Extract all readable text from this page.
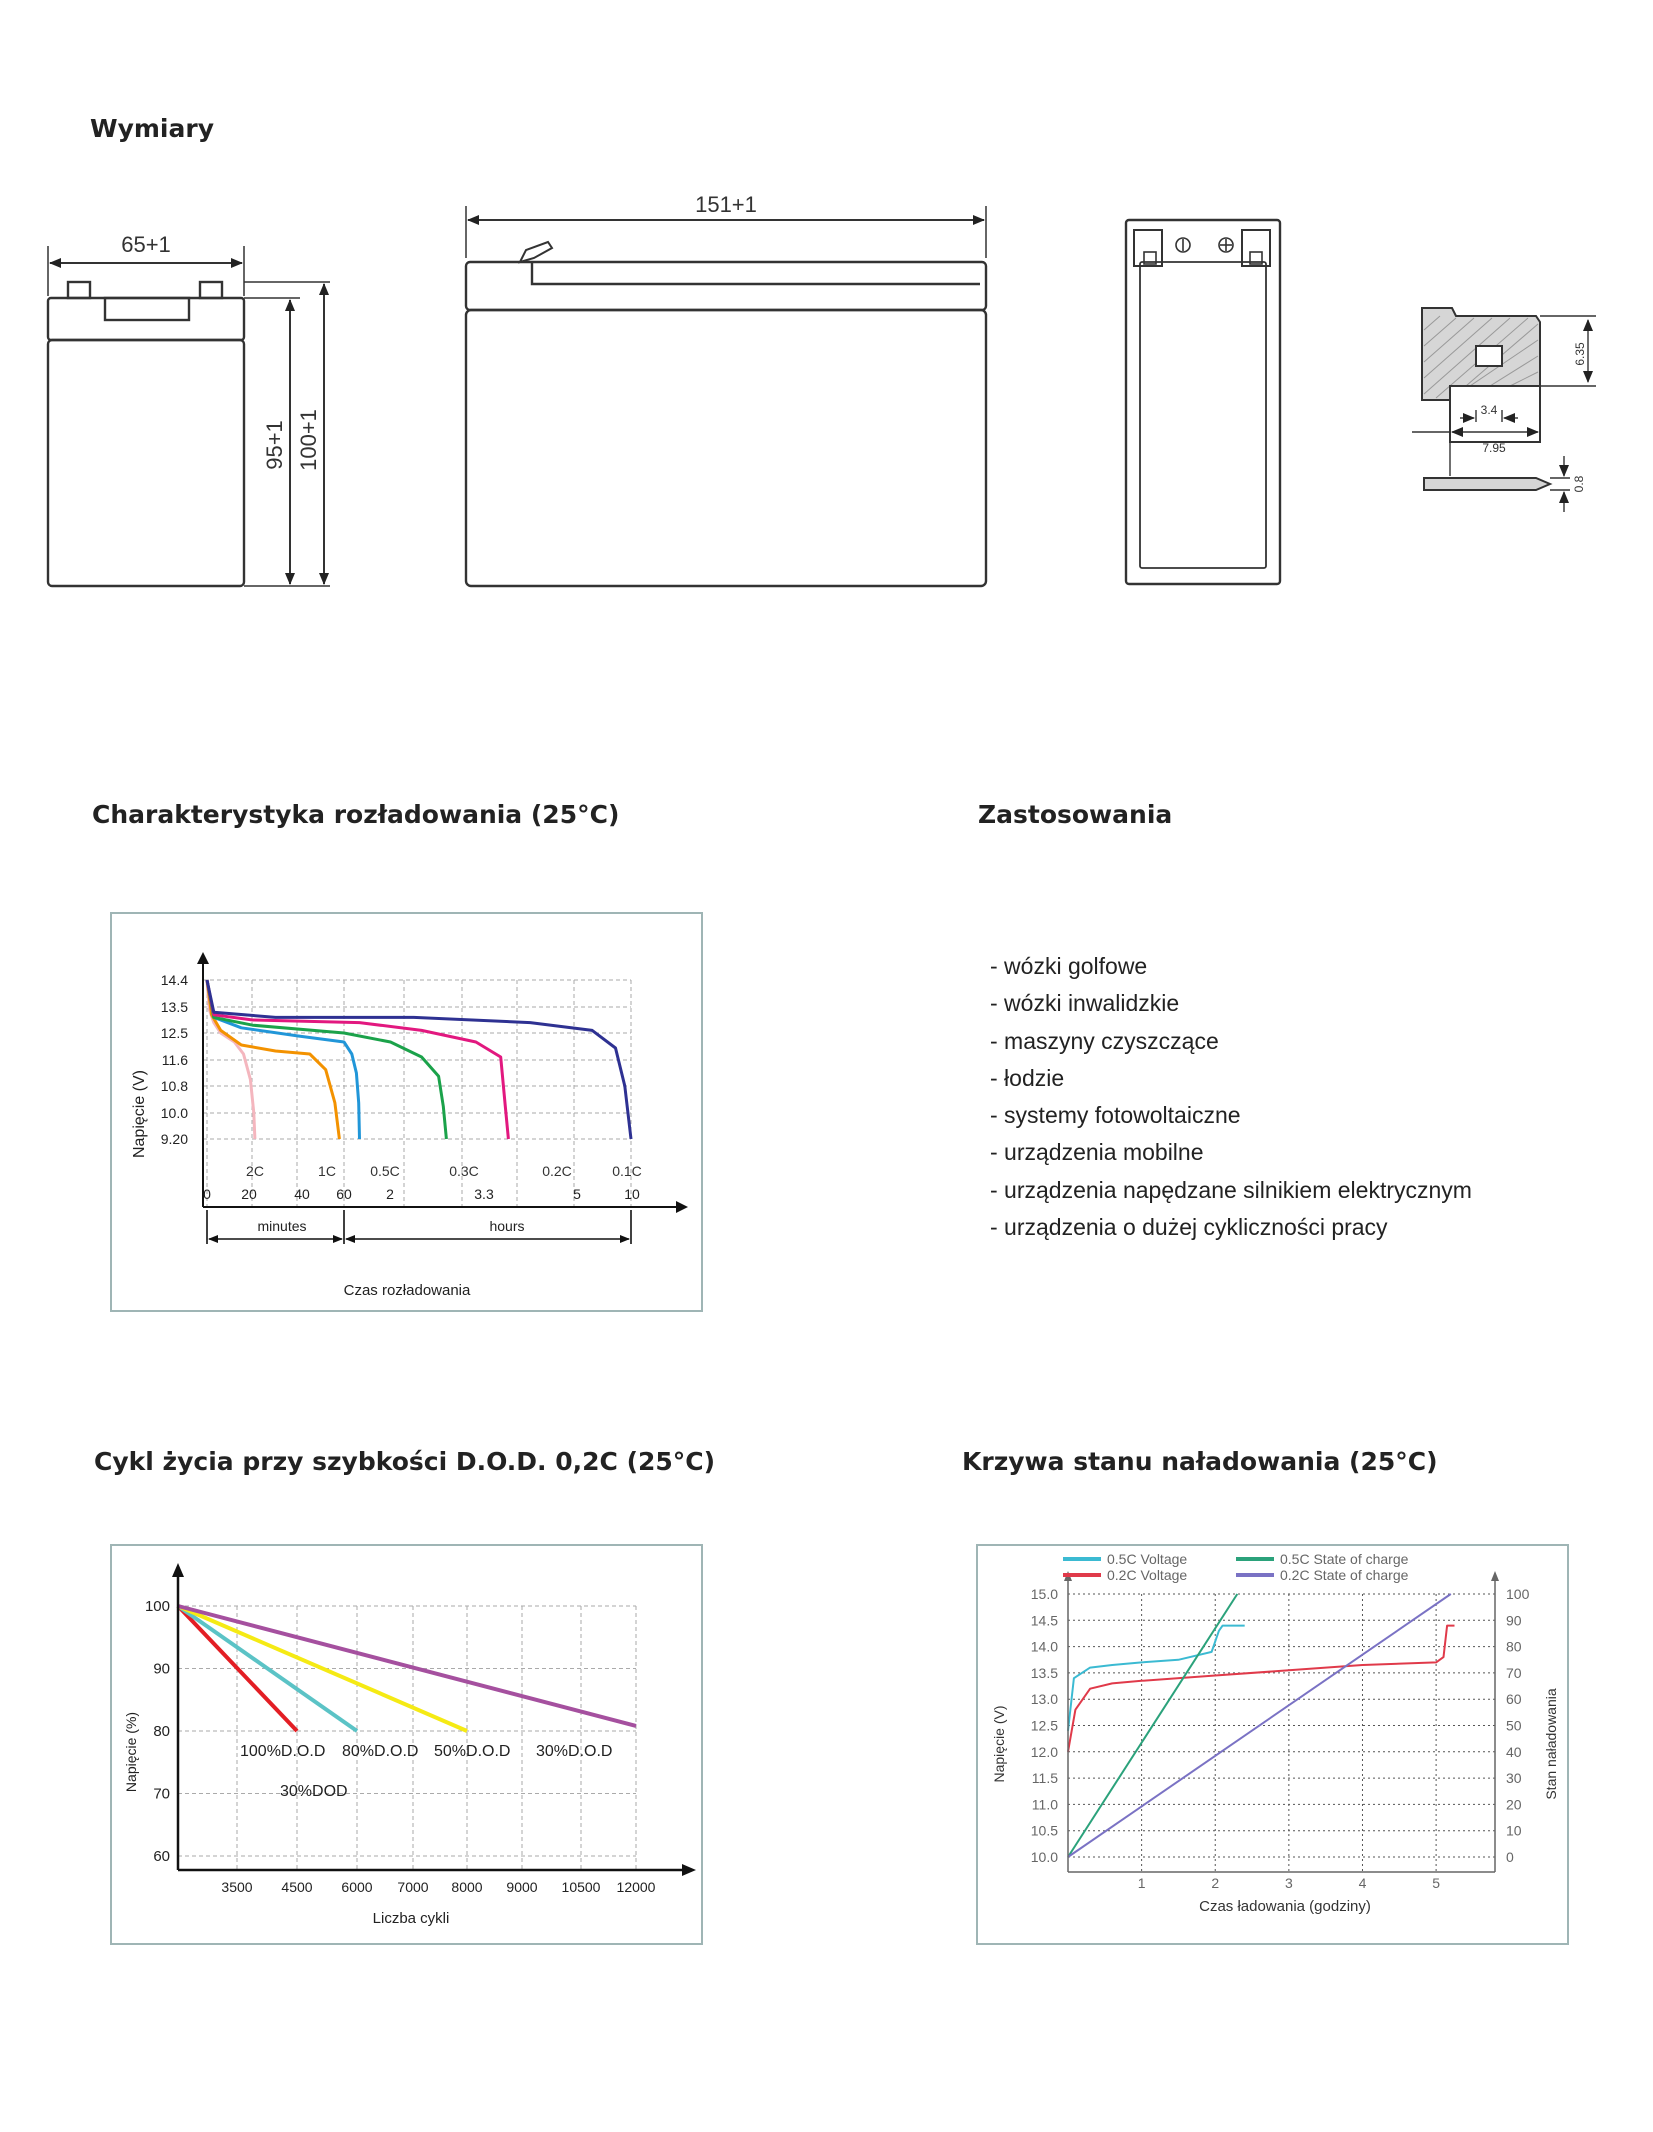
Wymiary
Charakterystyka rozładowania (25°C)	Zastosowania
Cykl życia przy szybkości D.O.D. 0,2C (25°C)	Krzywa stanu naładowania (25°C)
65+1
95+1 100+1
151+1
6.35
3.4
7.95
0.8
14.4
13.5
12.5
11.6
10.8
10.0
9.20
0 20	40 60 2	3.3	5	10
2C	1C 0.5C	0.3C	0.2C	0.1C
minutes	hours
Czas rozładowania
Napięcie (V)
- wózki golfowe
- wózki inwalidzkie
- maszyny czyszczące
- łodzie
- systemy fotowoltaiczne
- urządzenia mobilne
- urządzenia napędzane silnikiem elektrycznym
- urządzenia o dużej cykliczności pracy
100
90
80
70
60
3500 4500 6000 7000 8000 9000 10500 12000
100%D.O.D 80%D.O.D 50%D.O.D 30%D.O.D
30%DOD
Liczba cykli
Napięcie (%)
15.0
14.5
14.0
13.5
13.0
12.5
12.0
11.5
11.0
10.5
10.0
100
90
80
70
60
50
40
30
20
10
0
1	2	3	4	5
0.5C Voltage
0.2C Voltage
0.5C State of charge
0.2C State of charge
Czas ładowania (godziny)
Napięcie (V)	Stan naładowania
